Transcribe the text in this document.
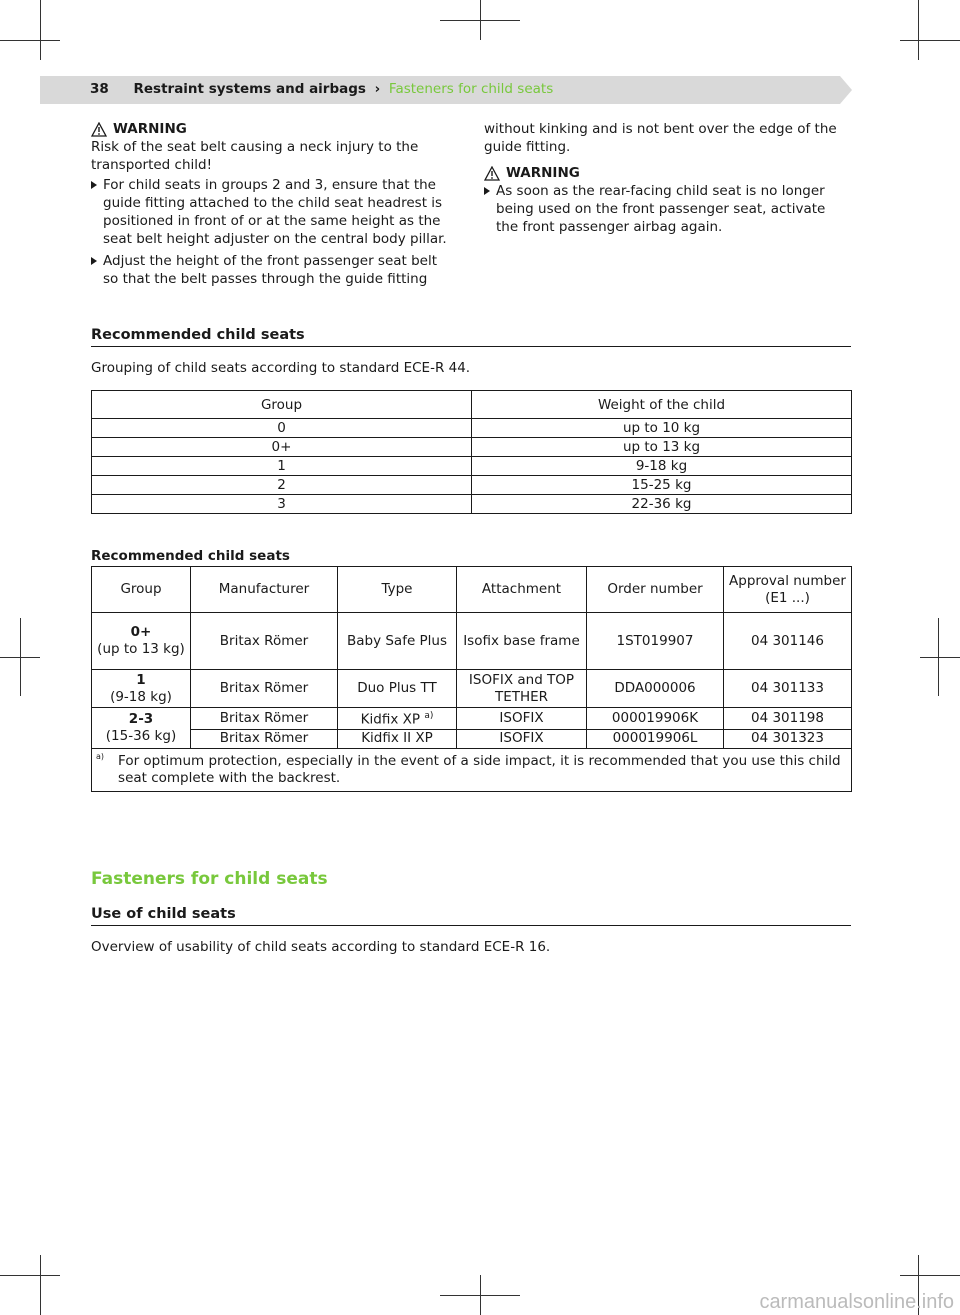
38 Restraint systems and airbags › Fasteners for child seats
WARNING

Risk of the seat belt causing a neck injury to the transported child!

For child seats in groups 2 and 3, ensure that the guide fitting attached to the child seat headrest is positioned in front of or at the same height as the seat belt height adjuster on the central body pillar.
Adjust the height of the front passenger seat belt so that the belt passes through the guide fitting

without kinking and is not bent over the edge of the guide fitting.

WARNING
As soon as the rear-facing child seat is no longer being used on the front passenger seat, activate the front passenger airbag again.
Recommended child seats
Grouping of child seats according to standard ECE-R 44.
Group	Weight of the child
0	up to 10 kg
0+	up to 13 kg
1	9-18 kg
2	15-25 kg
3	22-36 kg
Recommended child seats
Group	Manufacturer	Type	Attachment	Order number	Approval number (E1 ...)

0+
(up to 13 kg)	Britax Römer	Baby Safe Plus	Isofix base frame	1ST019907	04 301146

1
(9-18 kg)	Britax Römer	Duo Plus TT	ISOFIX and TOP TETHER	DDA000006	04 301133

2-3
(15-36 kg)	Britax Römer	Kidfix XP $^{a)}$	ISOFIX	000019906K	04 301198
	Britax Römer	Kidfix II XP	ISOFIX	000019906L	04 301323

a) For optimum protection, especially in the event of a side impact, it is recommended that you use this child seat complete with the backrest.					
Fasteners for child seats
Use of child seats
Overview of usability of child seats according to standard ECE-R 16.
carmanualsonline.info
